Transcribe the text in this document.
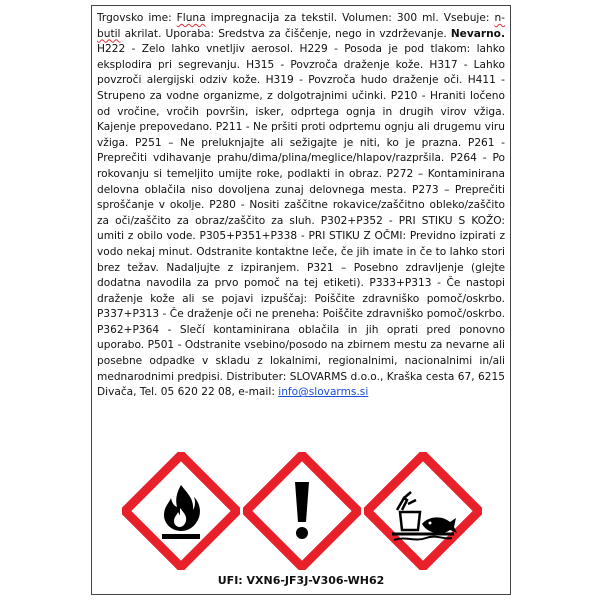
Trgovsko ime: Fluna impregnacija za tekstil. Volumen: 300 ml. Vsebuje: n-butil akrilat. Uporaba: Sredstva za čiščenje, nego in vzdrževanje. Nevarno. H222 - Zelo lahko vnetljiv aerosol. H229 - Posoda je pod tlakom: lahko eksplodira pri segrevanju. H315 - Povzroča draženje kože. H317 - Lahko povzroči alergijski odziv kože. H319 - Povzroča hudo draženje oči. H411 - Strupeno za vodne organizme, z dolgotrajnimi učinki. P210 - Hraniti ločeno od vročine, vročih površin, isker, odprtega ognja in drugih virov vžiga. Kajenje prepovedano. P211 - Ne pršiti proti odprtemu ognju ali drugemu viru vžiga. P251 – Ne preluknjajte ali sežigajte je niti, ko je prazna. P261 - Preprečiti vdihavanje prahu/dima/plina/meglice/hlapov/razpršila. P264 - Po rokovanju si temeljito umijte roke, podlakti in obraz. P272 – Kontaminirana delovna oblačila niso dovoljena zunaj delovnega mesta. P273 – Preprečiti sproščanje v okolje. P280 - Nositi zaščitne rokavice/zaščitno obleko/zaščito za oči/zaščito za obraz/zaščito za sluh. P302+P352 - PRI STIKU S KOŽO: umiti z obilo vode. P305+P351+P338 - PRI STIKU Z OČMI: Previdno izpirati z vodo nekaj minut. Odstranite kontaktne leče, če jih imate in če to lahko stori brez težav. Nadaljujte z izpiranjem. P321 – Posebno zdravljenje (glejte dodatna navodila za prvo pomoč na tej etiketi). P333+P313 - Če nastopi draženje kože ali se pojavi izpuščaj: Poiščite zdravniško pomoč/oskrbo. P337+P313 - Če draženje oči ne preneha: Poiščite zdravniško pomoč/oskrbo. P362+P364 - Slečí kontaminirana oblačila in jih oprati pred ponovno uporabo. P501 - Odstranite vsebino/posodo na zbirnem mestu za nevarne ali posebne odpadke v skladu z lokalnimi, regionalnimi, nacionalnimi in/ali mednarodnimi predpisi. Distributer: SLOVARMS d.o.o., Kraška cesta 67, 6215 Divača, Tel. 05 620 22 08, e-mail: info@slovarms.si

UFI: VXN6-JF3J-V306-WH62
